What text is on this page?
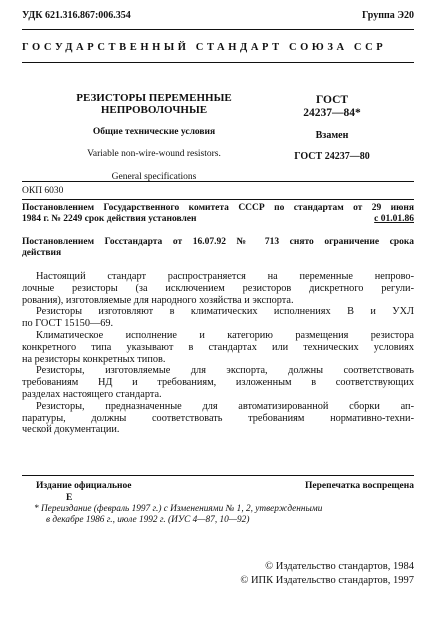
УДК 621.316.867:006.354	Группа Э20
ГОСУДАРСТВЕННЫЙ СТАНДАРТ СОЮЗА ССР
РЕЗИСТОРЫ ПЕРЕМЕННЫЕ
НЕПРОВОЛОЧНЫЕ
Общие технические условия
Variable non-wire-wound resistors.
General specifications
ГОСТ
24237—84*
Взамен
ГОСТ 24237—80
ОКП 6030
Постановлением Государственного комитета СССР по стандартам от 29 июня
1984 г. № 2249 срок действия установлен	с 01.01.86
Постановлением Госстандарта от 16.07.92 № 713 снято ограничение срока
действия

Настоящий стандарт распространяется на переменные непрово-
лочные резисторы (за исключением резисторов дискретного регули-
рования), изготовляемые для народного хозяйства и экспорта.

Резисторы изготовляют в климатических исполнениях В и УХЛ
по ГОСТ 15150—69.

Климатическое исполнение и категорию размещения резистора
конкретного типа указывают в стандартах или технических условиях
на резисторы конкретных типов.

Резисторы, изготовляемые для экспорта, должны соответствовать
требованиям НД и требованиям, изложенным в соответствующих
разделах настоящего стандарта.

Резисторы, предназначенные для автоматизированной сборки ап-
паратуры, должны соответствовать требованиям нормативно-техни-
ческой документации.

Издание официальное	Перепечатка воспрещена
Е
* Переиздание (февраль 1997 г.) с Изменениями № 1, 2, утвержденными
в декабре 1986 г., июле 1992 г. (ИУС 4—87, 10—92)
© Издательство стандартов, 1984
© ИПК Издательство стандартов, 1997
